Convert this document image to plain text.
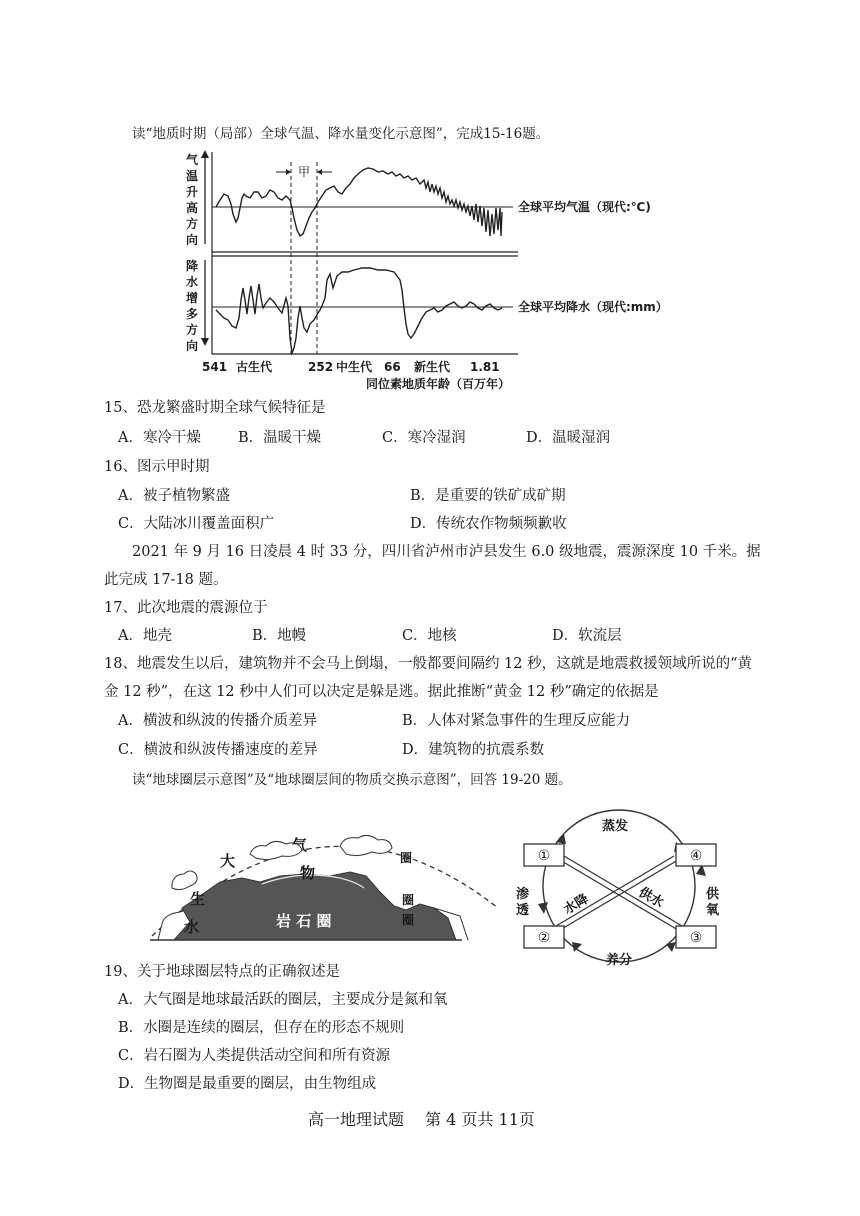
读“地质时期（局部）全球气温、降水量变化示意图”，完成15-16题。
气
温
升
高
方
向
降
水
增
多
方
向
甲
全球平均气温（现代:℃)
全球平均降水（现代:mm）
541 古生代	252 中生代 66 新生代 1.81
同位素地质年龄（百万年）
15、恐龙繁盛时期全球气候特征是
A．寒冷干燥	B．温暖干燥	C．寒冷湿润	D．温暖湿润
16、图示甲时期
A．被子植物繁盛	B．是重要的铁矿成矿期
C．大陆冰川覆盖面积广	D．传统农作物频频歉收
2021 年 9 月 16 日凌晨 4 时 33 分，四川省泸州市泸县发生 6.0 级地震，震源深度 10 千米。据
此完成 17-18 题。
17、此次地震的震源位于
A．地壳	B．地幔	C．地核	D．软流层
18、地震发生以后，建筑物并不会马上倒塌，一般都要间隔约 12 秒，这就是地震救援领域所说的“黄
金 12 秒”，在这 12 秒中人们可以决定是躲是逃。据此推断“黄金 12 秒”确定的依据是
A．横波和纵波的传播介质差异	B．人体对紧急事件的生理反应能力
C．横波和纵波传播速度的差异	D．建筑物的抗震系数
读“地球圈层示意图”及“地球圈层间的物质交换示意图”，回答 19-20 题。
大
气
圈
生
物
圈
圈
水	岩 石 圈
①	④
②	③
蒸发
养分
渗
透
供
氧
水降	供水
19、关于地球圈层特点的正确叙述是
A．大气圈是地球最活跃的圈层，主要成分是氮和氧
B．水圈是连续的圈层，但存在的形态不规则
C．岩石圈为人类提供活动空间和所有资源
D．生物圈是最重要的圈层，由生物组成
高一地理试题　 第 4 页共 11页
